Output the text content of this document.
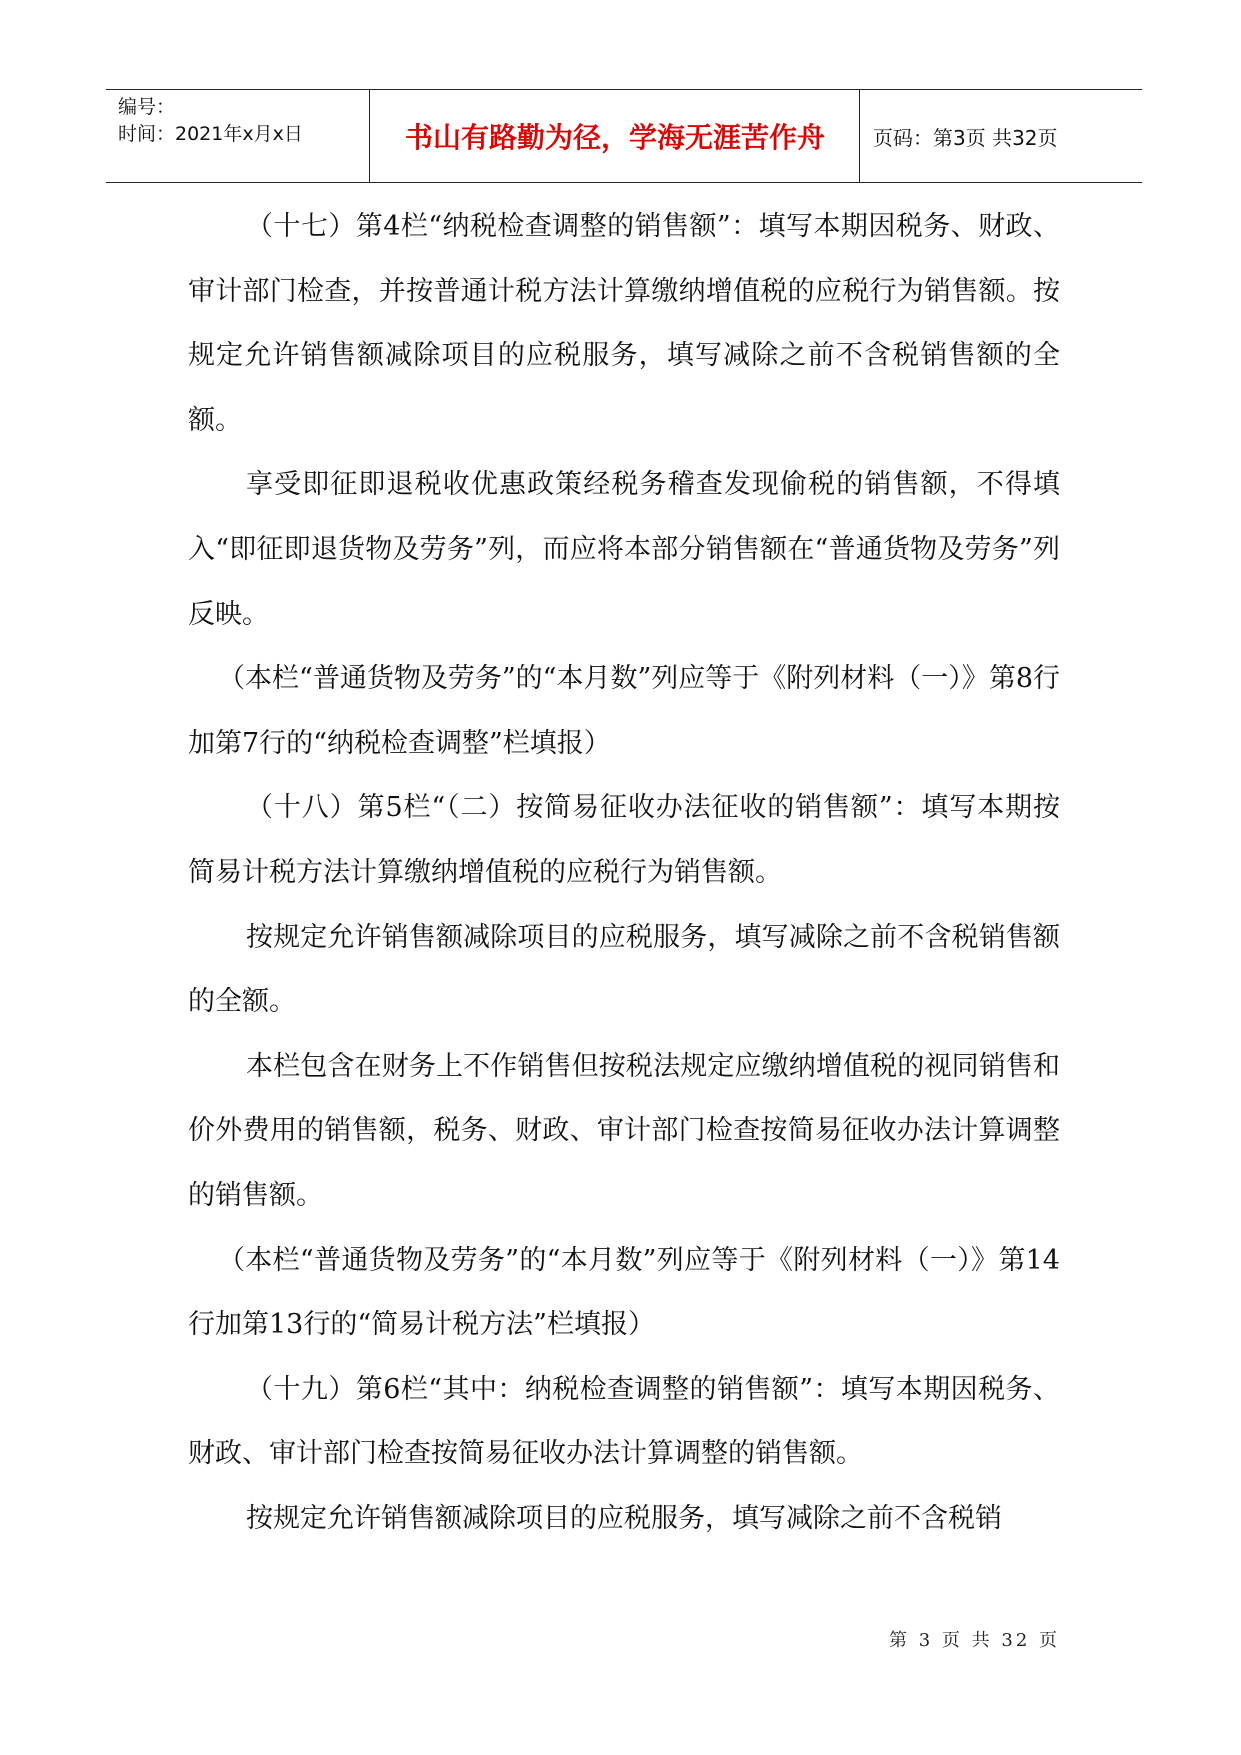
编号：
时间：2021年x月x日	书山有路勤为径，学海无涯苦作舟	页码：第3页 共32页

（十七）第4栏“纳税检查调整的销售额”：填写本期因税务、财政、审计部门检查，并按普通计税方法计算缴纳增值税的应税行为销售额。按规定允许销售额减除项目的应税服务，填写减除之前不含税销售额的全额。

享受即征即退税收优惠政策经税务稽查发现偷税的销售额，不得填入“即征即退货物及劳务”列，而应将本部分销售额在“普通货物及劳务”列反映。

（本栏“普通货物及劳务”的“本月数”列应等于《附列材料（一）》第8行加第7行的“纳税检查调整”栏填报）

（十八）第5栏“（二）按简易征收办法征收的销售额”：填写本期按简易计税方法计算缴纳增值税的应税行为销售额。

按规定允许销售额减除项目的应税服务，填写减除之前不含税销售额的全额。

本栏包含在财务上不作销售但按税法规定应缴纳增值税的视同销售和价外费用的销售额，税务、财政、审计部门检查按简易征收办法计算调整的销售额。

（本栏“普通货物及劳务”的“本月数”列应等于《附列材料（一）》第14行加第13行的“简易计税方法”栏填报）

（十九）第6栏“其中：纳税检查调整的销售额”：填写本期因税务、财政、审计部门检查按简易征收办法计算调整的销售额。

按规定允许销售额减除项目的应税服务，填写减除之前不含税销

第 3 页 共 32 页
